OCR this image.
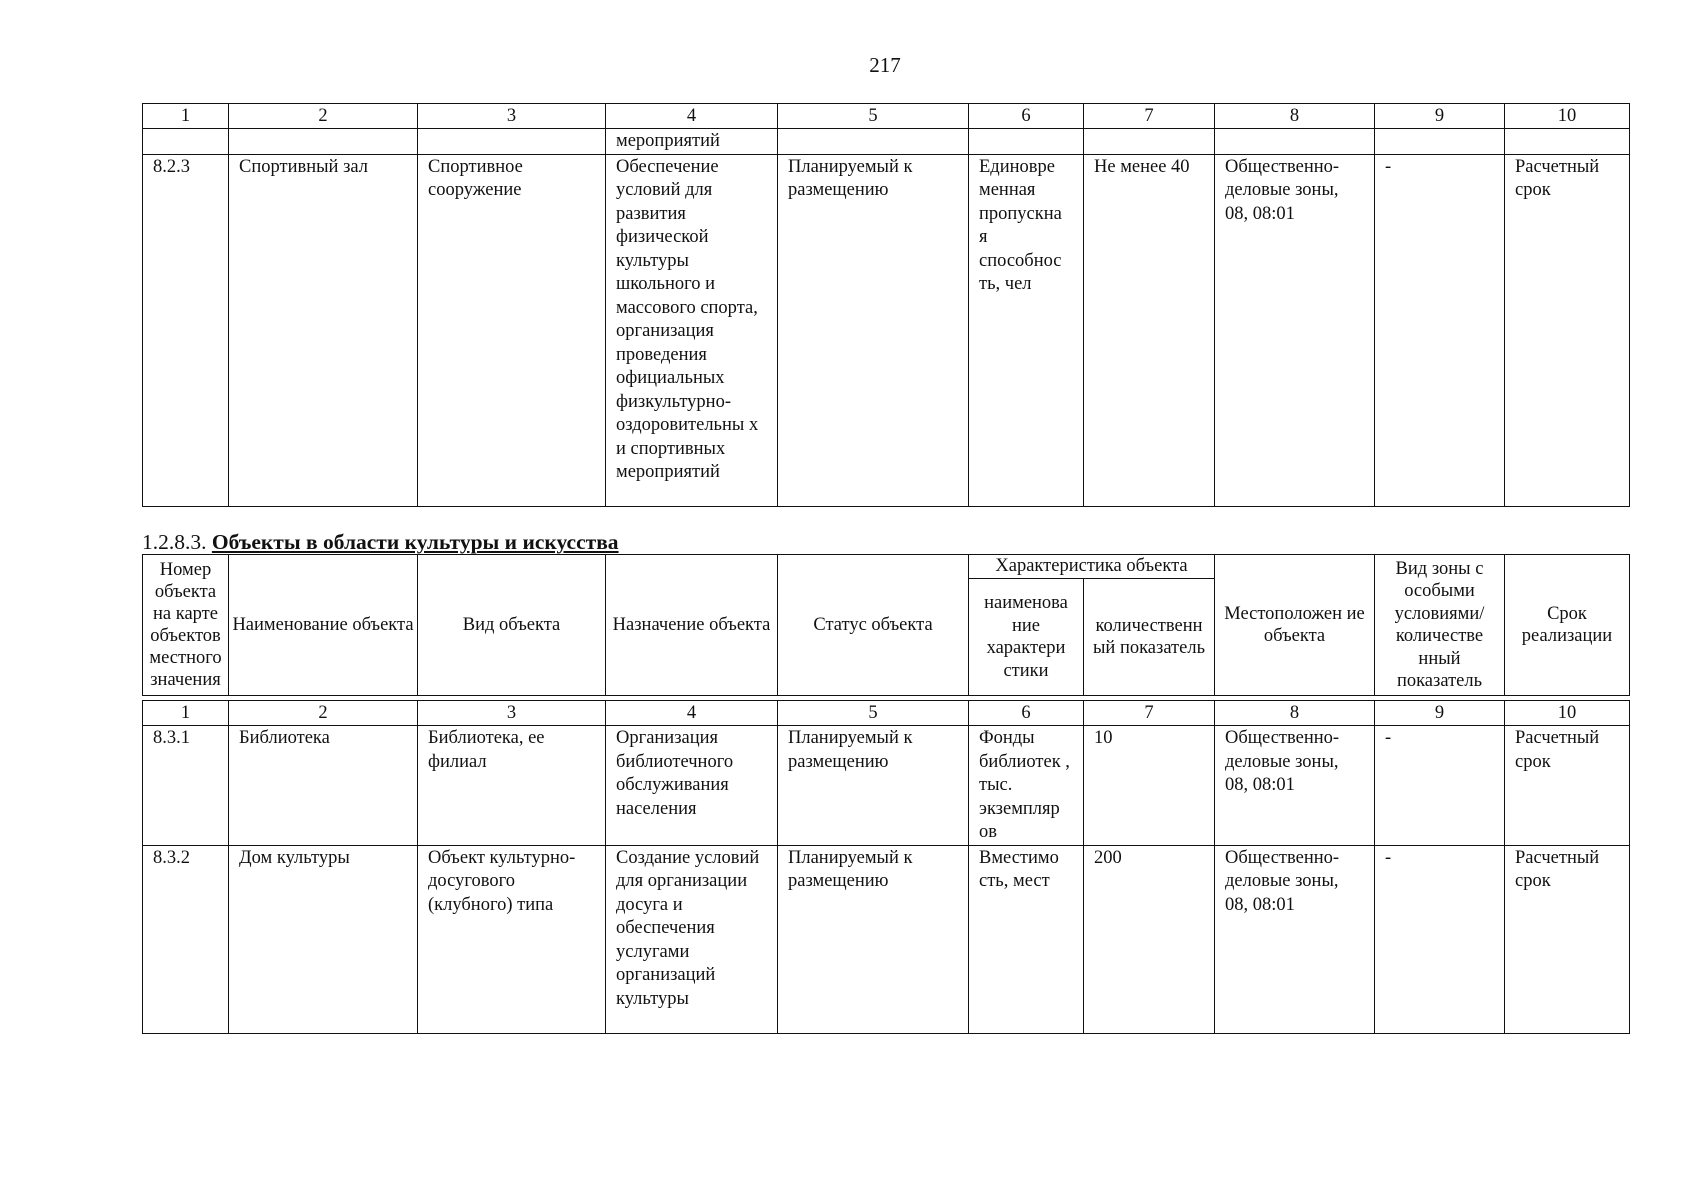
217
1	2	3	4	5	6	7	8	9	10
			мероприятий						
8.2.3	Спортивный зал	Спортивное сооружение	Обеспечение условий для развития физической культуры школьного и массового спорта, организация проведения официальных физкультурно-оздоровительны х и спортивных мероприятий	Планируемый к размещению	Единовре менная пропускна я способнос ть, чел	Не менее 40	Общественно-деловые зоны, 08, 08:01	-	Расчетный срок
1.2.8.3. Объекты в области культуры и искусства
Номер объекта на карте объектов местного значения	Наименование объекта	Вид объекта	Назначение объекта	Статус объекта	Характеристика объекта		Местоположен ие объекта	Вид зоны с особыми условиями/ количестве нный показатель	Срок реализации
					наименова ние характери стики	количественн ый показатель			
1	2	3	4	5	6	7	8	9	10
8.3.1	Библиотека	Библиотека, ее филиал	Организация библиотечного обслуживания населения	Планируемый к размещению	Фонды библиотек , тыс. экземпляр ов	10	Общественно-деловые зоны, 08, 08:01	-	Расчетный срок
8.3.2	Дом культуры	Объект культурно-досугового (клубного) типа	Создание условий для организации досуга и обеспечения услугами организаций культуры	Планируемый к размещению	Вместимо сть, мест	200	Общественно-деловые зоны, 08, 08:01	-	Расчетный срок
